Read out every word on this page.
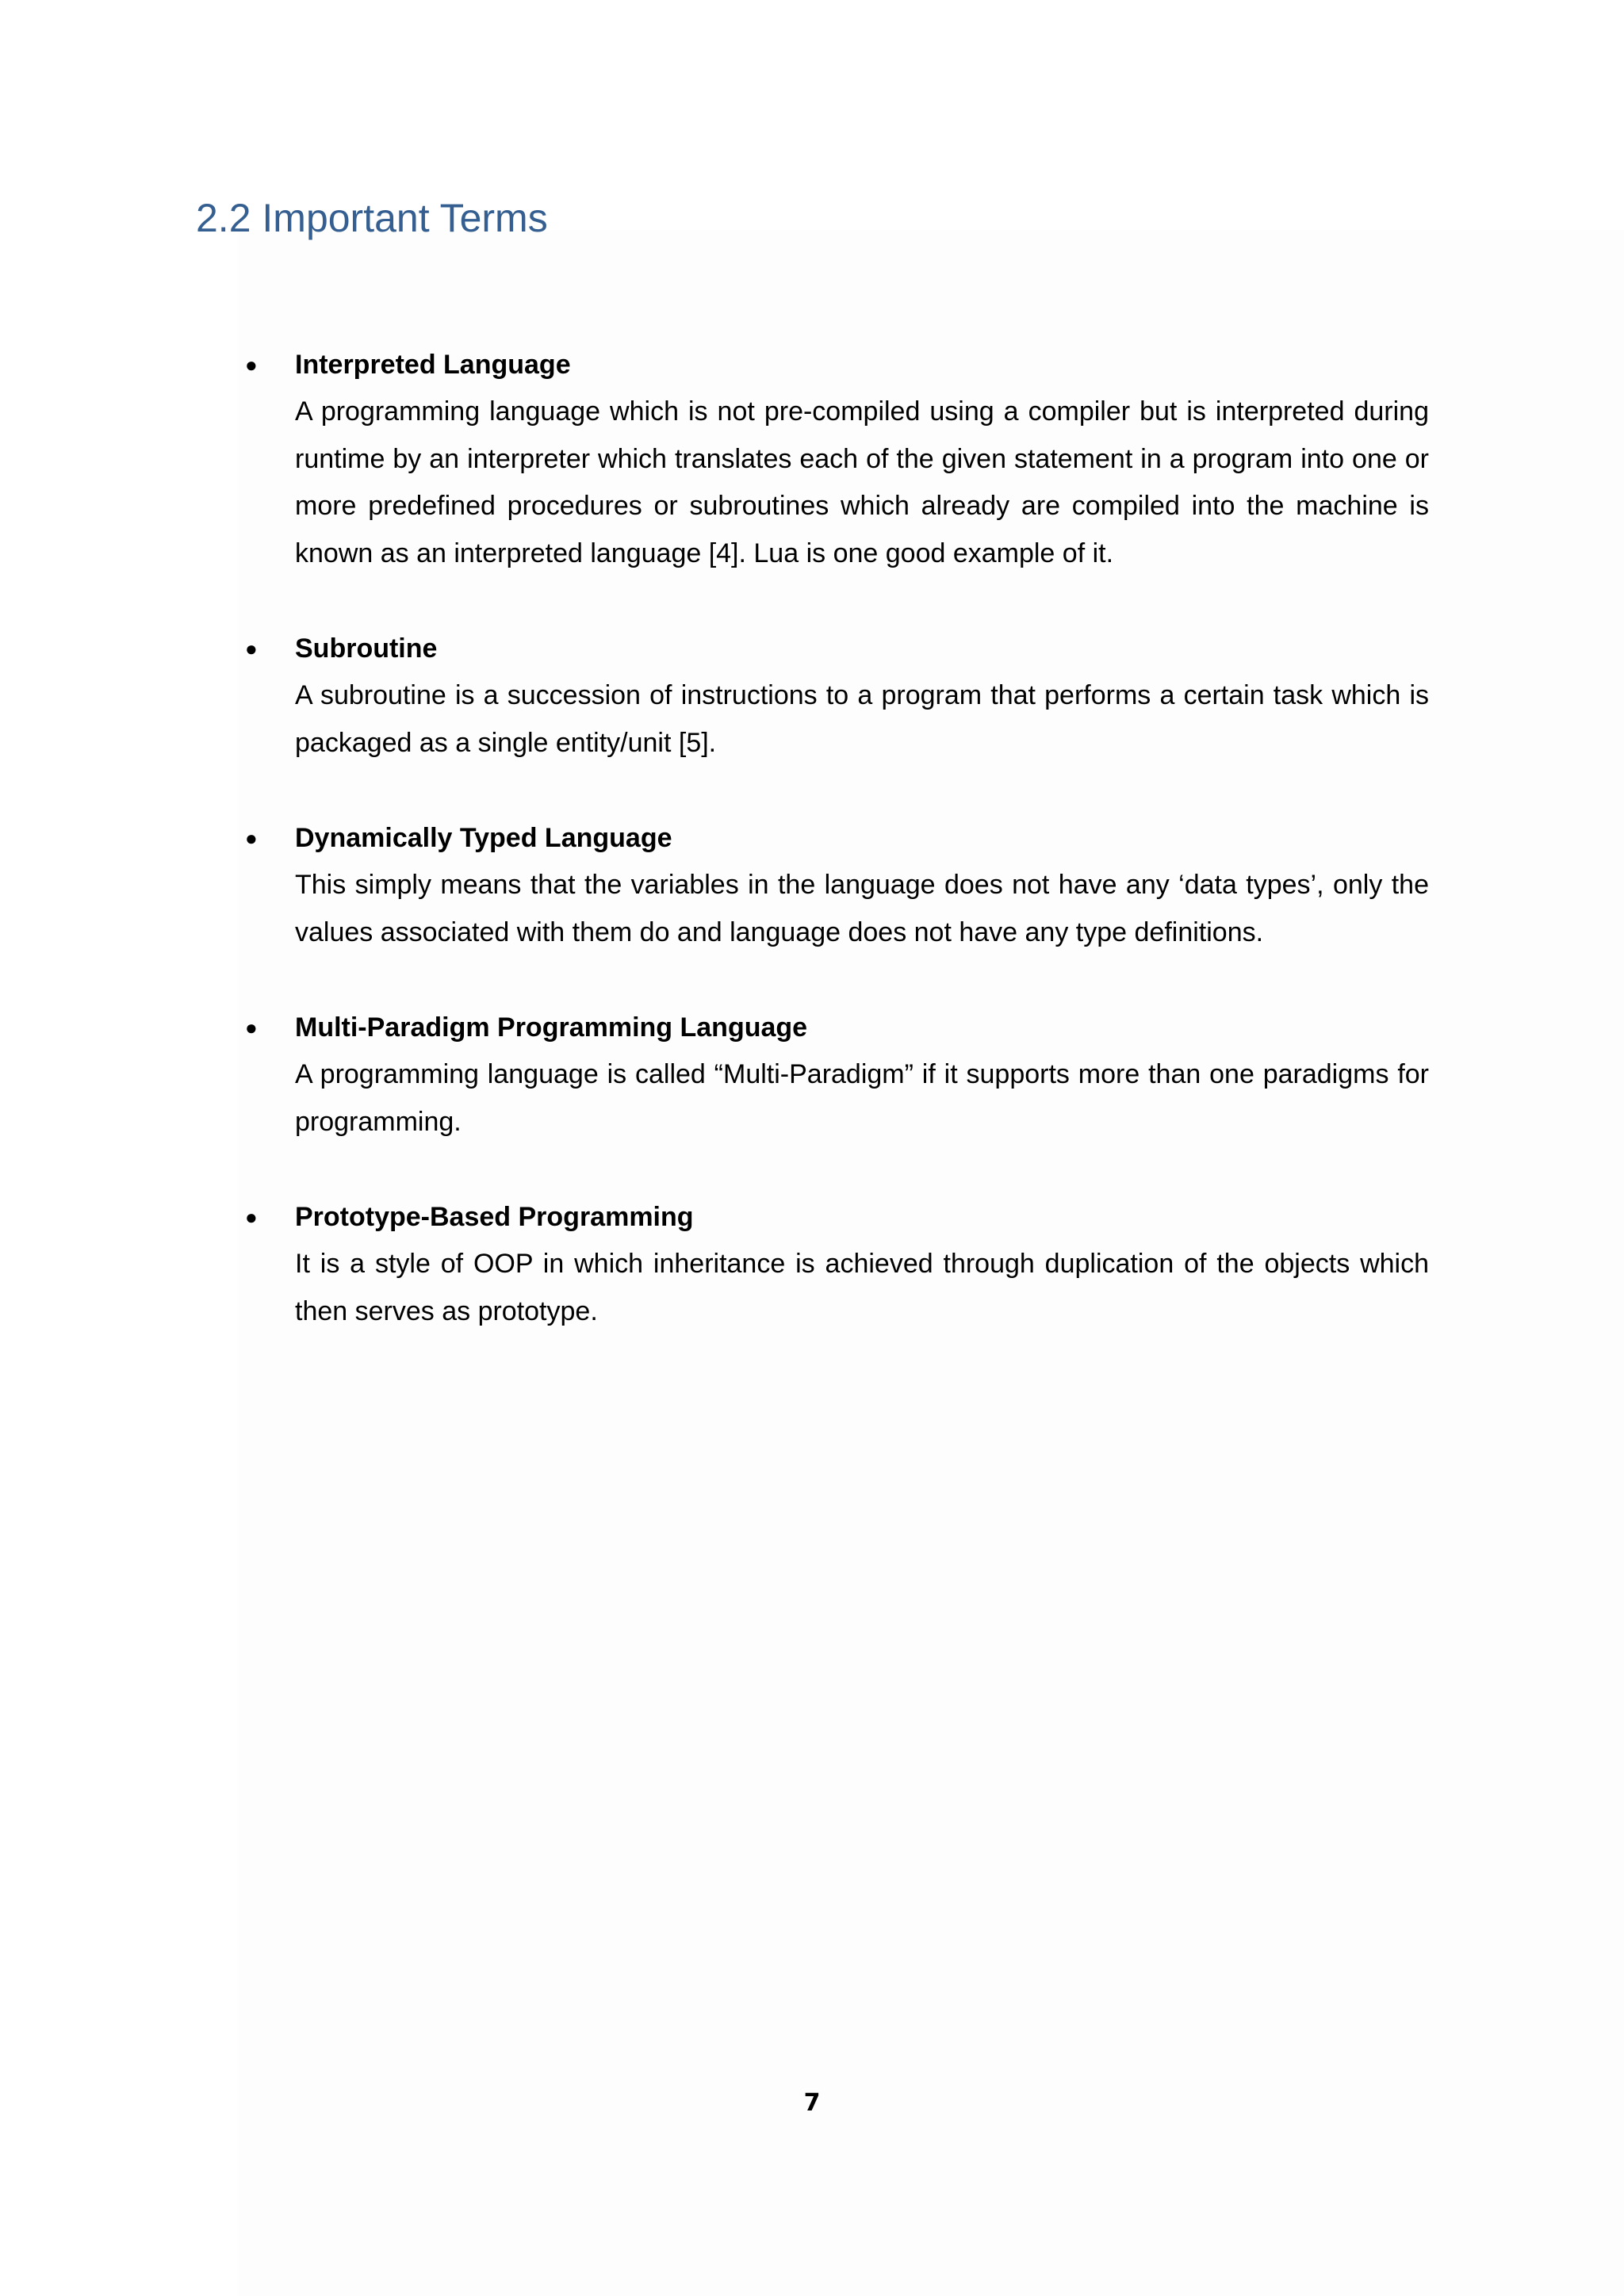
2.2 Important Terms
● Interpreted Language

A programming language which is not pre-compiled using a compiler but is interpreted during runtime by an interpreter which translates each of the given statement in a program into one or more predefined procedures or subroutines which already are compiled into the machine is known as an interpreted language [4]. Lua is one good example of it.

● Subroutine

A subroutine is a succession of instructions to a program that performs a certain task which is packaged as a single entity/unit [5].

● Dynamically Typed Language

This simply means that the variables in the language does not have any ‘data types’, only the values associated with them do and language does not have any type definitions.

● Multi-Paradigm Programming Language

A programming language is called “Multi-Paradigm” if it supports more than one paradigms for programming.

● Prototype-Based Programming

It is a style of OOP in which inheritance is achieved through duplication of the objects which then serves as prototype.

7
